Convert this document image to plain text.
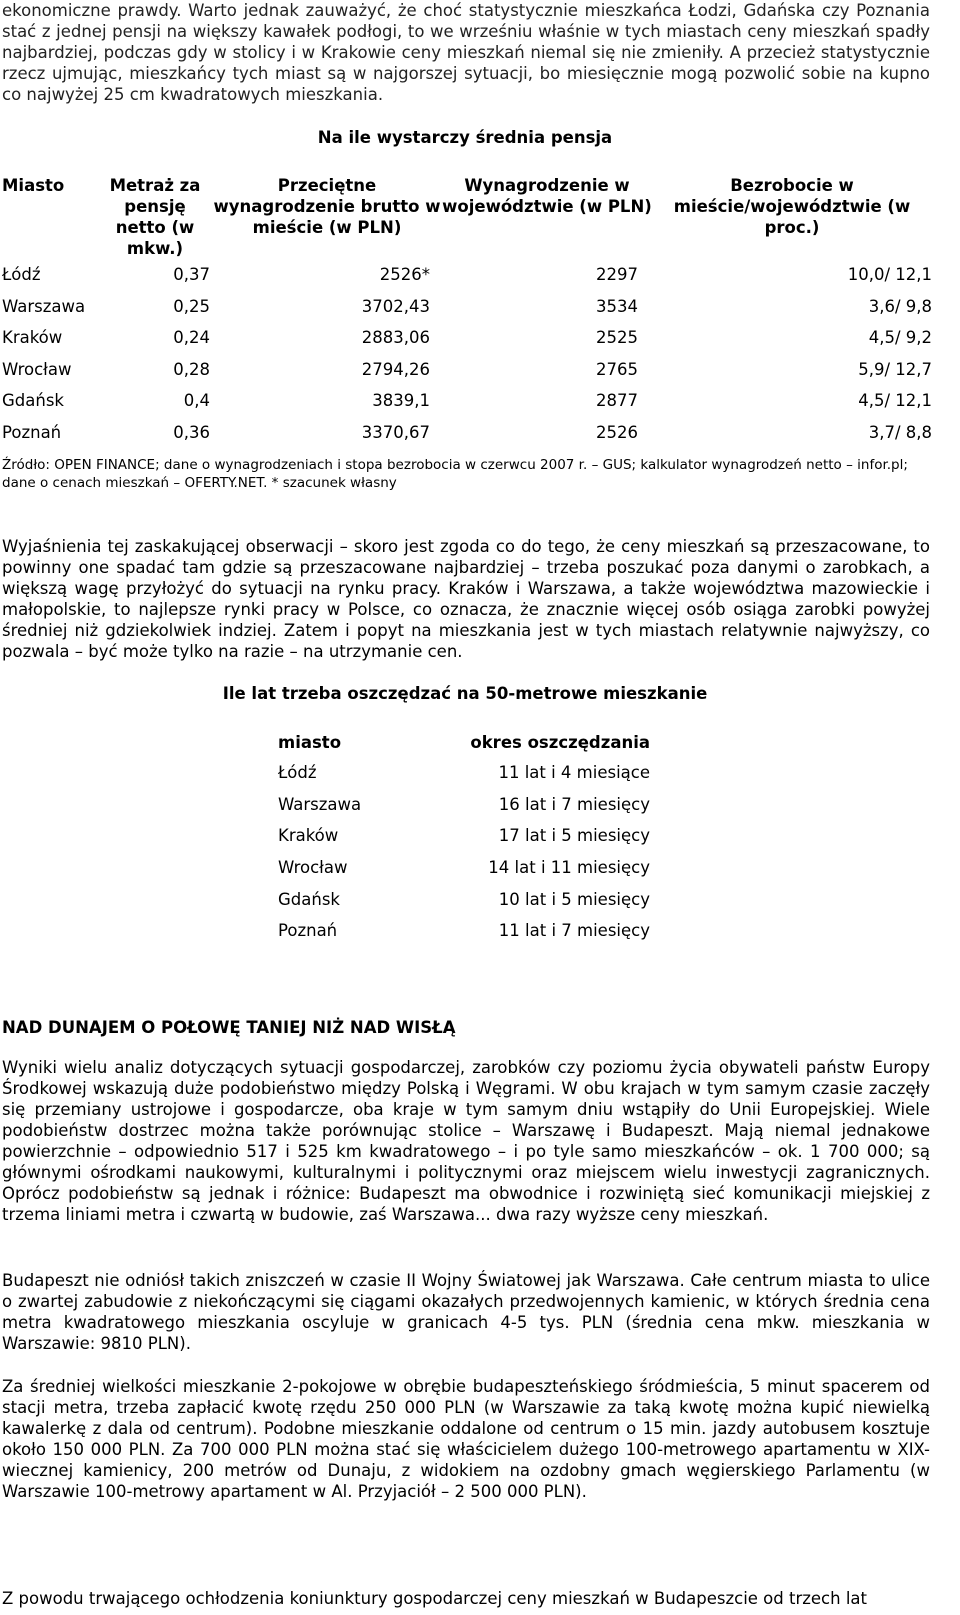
ekonomiczne prawdy. Warto jednak zauważyć, że choć statystycznie mieszkańca Łodzi, Gdańska czy Poznania stać z jednej pensji na większy kawałek podłogi, to we wrześniu właśnie w tych miastach ceny mieszkań spadły najbardziej, podczas gdy w stolicy i w Krakowie ceny mieszkań niemal się nie zmieniły. A przecież statystycznie rzecz ujmując, mieszkańcy tych miast są w najgorszej sytuacji, bo miesięcznie mogą pozwolić sobie na kupno co najwyżej 25 cm kwadratowych mieszkania.

Na ile wystarczy średnia pensja
Miasto	Metraż za pensję netto (w mkw.)	Przeciętne wynagrodzenie brutto w mieście (w PLN)	Wynagrodzenie w województwie (w PLN)	Bezrobocie w mieście/województwie (w proc.)
Łódź	0,37	2526*	2297	10,0/ 12,1
Warszawa	0,25	3702,43	3534	3,6/ 9,8
Kraków	0,24	2883,06	2525	4,5/ 9,2
Wrocław	0,28	2794,26	2765	5,9/ 12,7
Gdańsk	0,4	3839,1	2877	4,5/ 12,1
Poznań	0,36	3370,67	2526	3,7/ 8,8
Źródło: OPEN FINANCE; dane o wynagrodzeniach i stopa bezrobocia w czerwcu 2007 r. – GUS; kalkulator wynagrodzeń netto – infor.pl; dane o cenach mieszkań – OFERTY.NET. * szacunek własny

Wyjaśnienia tej zaskakującej obserwacji – skoro jest zgoda co do tego, że ceny mieszkań są przeszacowane, to powinny one spadać tam gdzie są przeszacowane najbardziej – trzeba poszukać poza danymi o zarobkach, a większą wagę przyłożyć do sytuacji na rynku pracy. Kraków i Warszawa, a także województwa mazowieckie i małopolskie, to najlepsze rynki pracy w Polsce, co oznacza, że znacznie więcej osób osiąga zarobki powyżej średniej niż gdziekolwiek indziej. Zatem i popyt na mieszkania jest w tych miastach relatywnie najwyższy, co pozwala – być może tylko na razie – na utrzymanie cen.

Ile lat trzeba oszczędzać na 50-metrowe mieszkanie
miasto	okres oszczędzania
Łódź	11 lat i 4 miesiące
Warszawa	16 lat i 7 miesięcy
Kraków	17 lat i 5 miesięcy
Wrocław	14 lat i 11 miesięcy
Gdańsk	10 lat i 5 miesięcy
Poznań	11 lat i 7 miesięcy
NAD DUNAJEM O POŁOWĘ TANIEJ NIŻ NAD WISŁĄ

Wyniki wielu analiz dotyczących sytuacji gospodarczej, zarobków czy poziomu życia obywateli państw Europy Środkowej wskazują duże podobieństwo między Polską i Węgrami. W obu krajach w tym samym czasie zaczęły się przemiany ustrojowe i gospodarcze, oba kraje w tym samym dniu wstąpiły do Unii Europejskiej. Wiele podobieństw dostrzec można także porównując stolice – Warszawę i Budapeszt. Mają niemal jednakowe powierzchnie – odpowiednio 517 i 525 km kwadratowego – i po tyle samo mieszkańców – ok. 1 700 000; są głównymi ośrodkami naukowymi, kulturalnymi i politycznymi oraz miejscem wielu inwestycji zagranicznych. Oprócz podobieństw są jednak i różnice: Budapeszt ma obwodnice i rozwiniętą sieć komunikacji miejskiej z trzema liniami metra i czwartą w budowie, zaś Warszawa... dwa razy wyższe ceny mieszkań.

Budapeszt nie odniósł takich zniszczeń w czasie II Wojny Światowej jak Warszawa. Całe centrum miasta to ulice o zwartej zabudowie z niekończącymi się ciągami okazałych przedwojennych kamienic, w których średnia cena metra kwadratowego mieszkania oscyluje w granicach 4-5 tys. PLN (średnia cena mkw. mieszkania w Warszawie: 9810 PLN).

Za średniej wielkości mieszkanie 2-pokojowe w obrębie budapeszteńskiego śródmieścia, 5 minut spacerem od stacji metra, trzeba zapłacić kwotę rzędu 250 000 PLN (w Warszawie za taką kwotę można kupić niewielką kawalerkę z dala od centrum). Podobne mieszkanie oddalone od centrum o 15 min. jazdy autobusem kosztuje około 150 000 PLN. Za 700 000 PLN można stać się właścicielem dużego 100-metrowego apartamentu w XIX-wiecznej kamienicy, 200 metrów od Dunaju, z widokiem na ozdobny gmach węgierskiego Parlamentu (w Warszawie 100-metrowy apartament w Al. Przyjaciół – 2 500 000 PLN).

Z powodu trwającego ochłodzenia koniunktury gospodarczej ceny mieszkań w Budapeszcie od trzech lat
